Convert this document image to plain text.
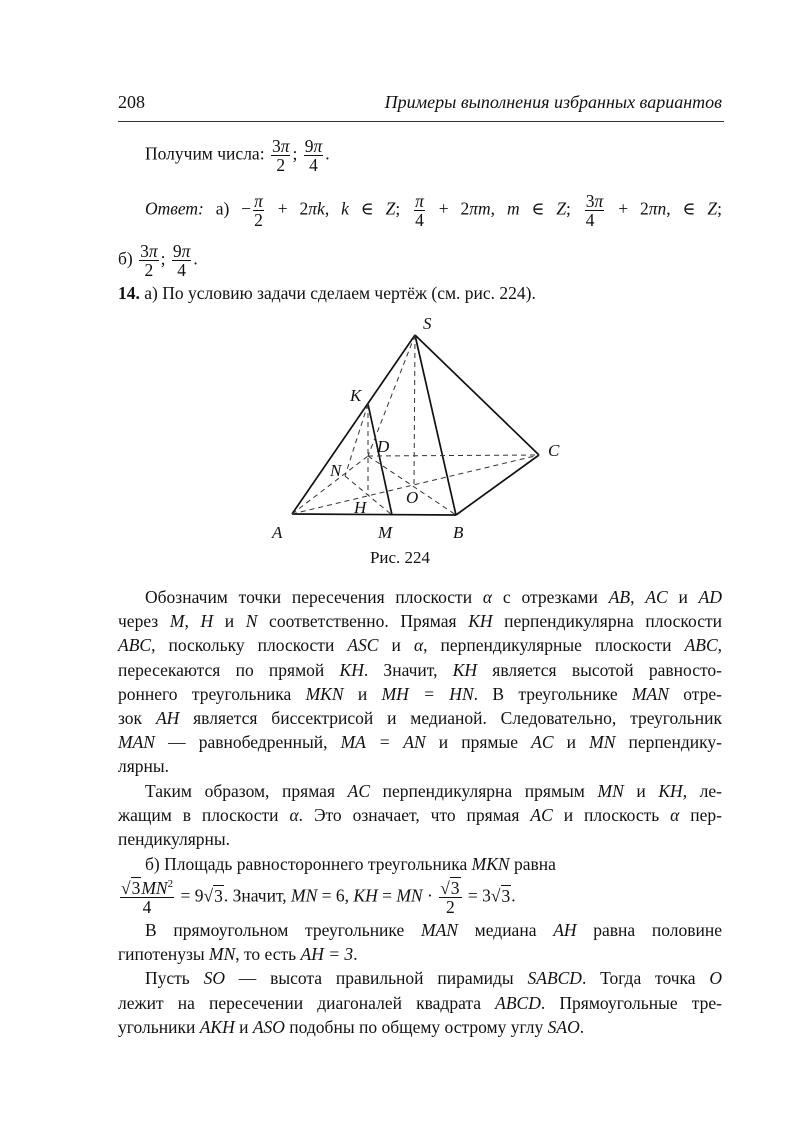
208	Примеры выполнения избранных вариантов
Получим числа: $\frac{3\pi}{2}$ ; $\frac{9\pi}{4}$ .
Ответ: $а) - \frac{\pi}{2} + 2\pi k$, k ∈ Z; $\frac{\pi}{4} + 2\pi m$, m ∈ Z; $\frac{3\pi}{4} + 2\pi n$, ∈ Z;
$б) \frac{3\pi}{2}$ ; $\frac{9\pi}{4}$ .
14. а) По условию задачи сделаем чертёж (см. рис. 224).
Обозначим точки пересечения плоскости α с отрезками AB, AC и AD
через M, H и N соответственно. Прямая KH перпендикулярна плоскости
ABC, поскольку плоскости ASC и α, перпендикулярные плоскости ABC,
пересекаются по прямой KH. Значит, KH является высотой равносто-
роннего треугольника MKN и MH = HN. В треугольнике MAN отре-
зок AH является биссектрисой и медианой. Следовательно, треугольник
MAN — равнобедренный, MA = AN и прямые AC и MN перпендику-
лярны.
Таким образом, прямая AC перпендикулярна прямым MN и KH, ле-
жащим в плоскости α. Это означает, что прямая AC и плоскость α пер-
пендикулярны.
б) Площадь равностороннего треугольника MKN равна
$\frac{√3MN^2}{4} = 9√3$. Значит, MN = 6, KH = MN · $\frac{√3}{2} = 3√3$.
В прямоугольном треугольнике MAN медиана AH равна половине
гипотенузы MN, то есть AH = 3.
Пусть SO — высота правильной пирамиды SABCD. Тогда точка O
лежит на пересечении диагоналей квадрата ABCD. Прямоугольные тре-
угольники AKH и ASO подобны по общему острому углу SAO.
S
K
D	C
N
O
H
A	M	B
Рис. 224
